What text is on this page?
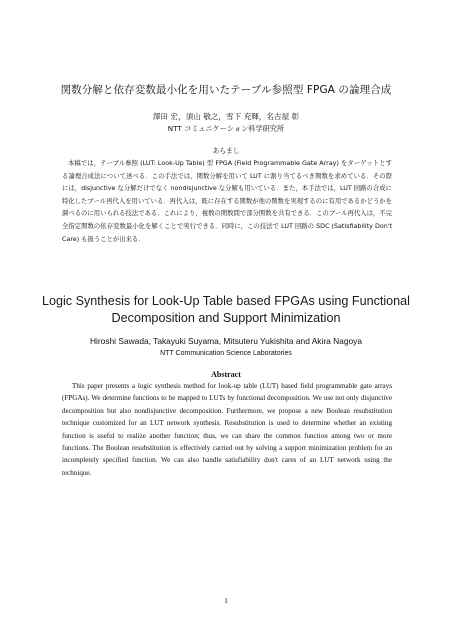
関数分解と依存変数最小化を用いたテーブル参照型 FPGA の論理合成
澤田 宏，須山 敬之，雪下 充輝，名古屋 彰
NTT コミュニケーション科学研究所
あらまし

本稿では，テーブル参照 (LUT: Look-Up Table) 型 FPGA (Field Programmable Gate Array) をターゲットとする論理合成法について述べる．この手法では，関数分解を用いて LUT に割り当てるべき関数を求めている．その際には，disjunctive な分解だけでなく nondisjunctive な分解も用いている．また，本手法では，LUT 回路の合成に特化したブール再代入を用いている．再代入は，既に存在する関数が他の関数を実現するのに有用であるかどうかを調べるのに用いられる技法である．これにより，複数の関数間で部分関数を共有できる．このブール再代入は，不完全指定関数の依存変数最小化を解くことで実行できる．同時に，この技法で LUT 回路の SDC (Satisfiability Don't Care) も扱うことが出来る．

Logic Synthesis for Look-Up Table based FPGAs using Functional
Decomposition and Support Minimization
Hiroshi Sawada, Takayuki Suyama, Mitsuteru Yukishita and Akira Nagoya
NTT Communication Science Laboratories
Abstract

This paper presents a logic synthesis method for look-up table (LUT) based field programmable gate arrays (FPGAs). We determine functions to be mapped to LUTs by functional decomposition. We use not only disjunctive decomposition but also nondisjunctive decomposition. Furthermore, we propose a new Boolean resubstitution technique customized for an LUT network synthesis. Resubstitution is used to determine whether an existing function is useful to realize another function; thus, we can share the common function among two or more functions. The Boolean resubstitution is effectively carried out by solving a support minimization problem for an incompletely specified function. We can also handle satisfiability don't cares of an LUT network using the technique.

1
